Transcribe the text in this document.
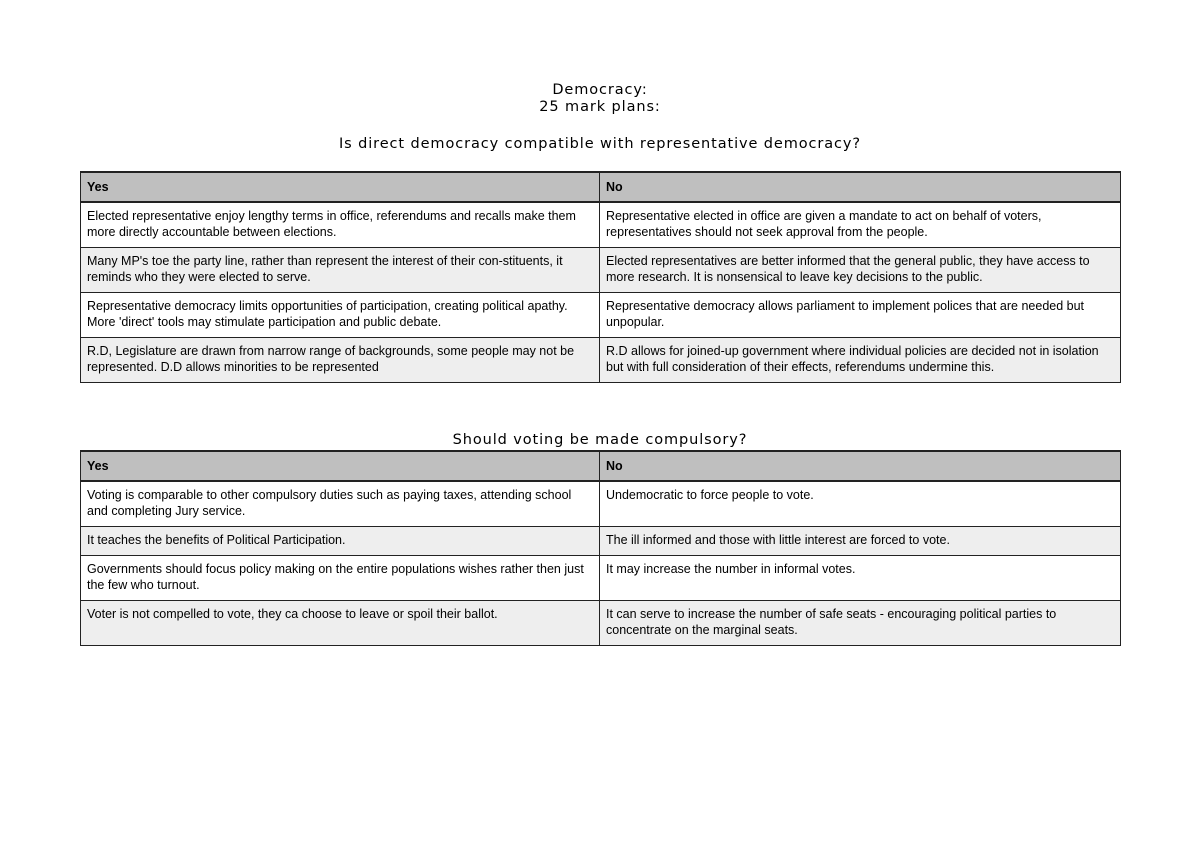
Democracy:
25 mark plans:
Is direct democracy compatible with representative democracy?
Yes	No
Elected representative enjoy lengthy terms in office, referendums and recalls make them more directly accountable between elections.	Representative elected in office are given a mandate to act on behalf of voters, representatives should not seek approval from the people.
Many MP's toe the party line, rather than represent the interest of their con-stituents, it reminds who they were elected to serve.	Elected representatives are better informed that the general public, they have access to more research. It is nonsensical to leave key decisions to the public.
Representative democracy limits opportunities of participation, creating political apathy. More 'direct' tools may stimulate participation and public debate.	Representative democracy allows parliament to implement polices that are needed but unpopular.
R.D, Legislature are drawn from narrow range of backgrounds, some people may not be represented. D.D allows minorities to be represented	R.D allows for joined-up government where individual policies are decided not in isolation but with full consideration of their effects, referendums undermine this.
Should voting be made compulsory?
Yes	No
Voting is comparable to other compulsory duties such as paying taxes, attending school and completing Jury service.	Undemocratic to force people to vote.
It teaches the benefits of Political Participation.	The ill informed and those with little interest are forced to vote.
Governments should focus policy making on the entire populations wishes rather then just the few who turnout.	It may increase the number in informal votes.
Voter is not compelled to vote, they ca choose to leave or spoil their ballot.	It can serve to increase the number of safe seats - encouraging political parties to concentrate on the marginal seats.
